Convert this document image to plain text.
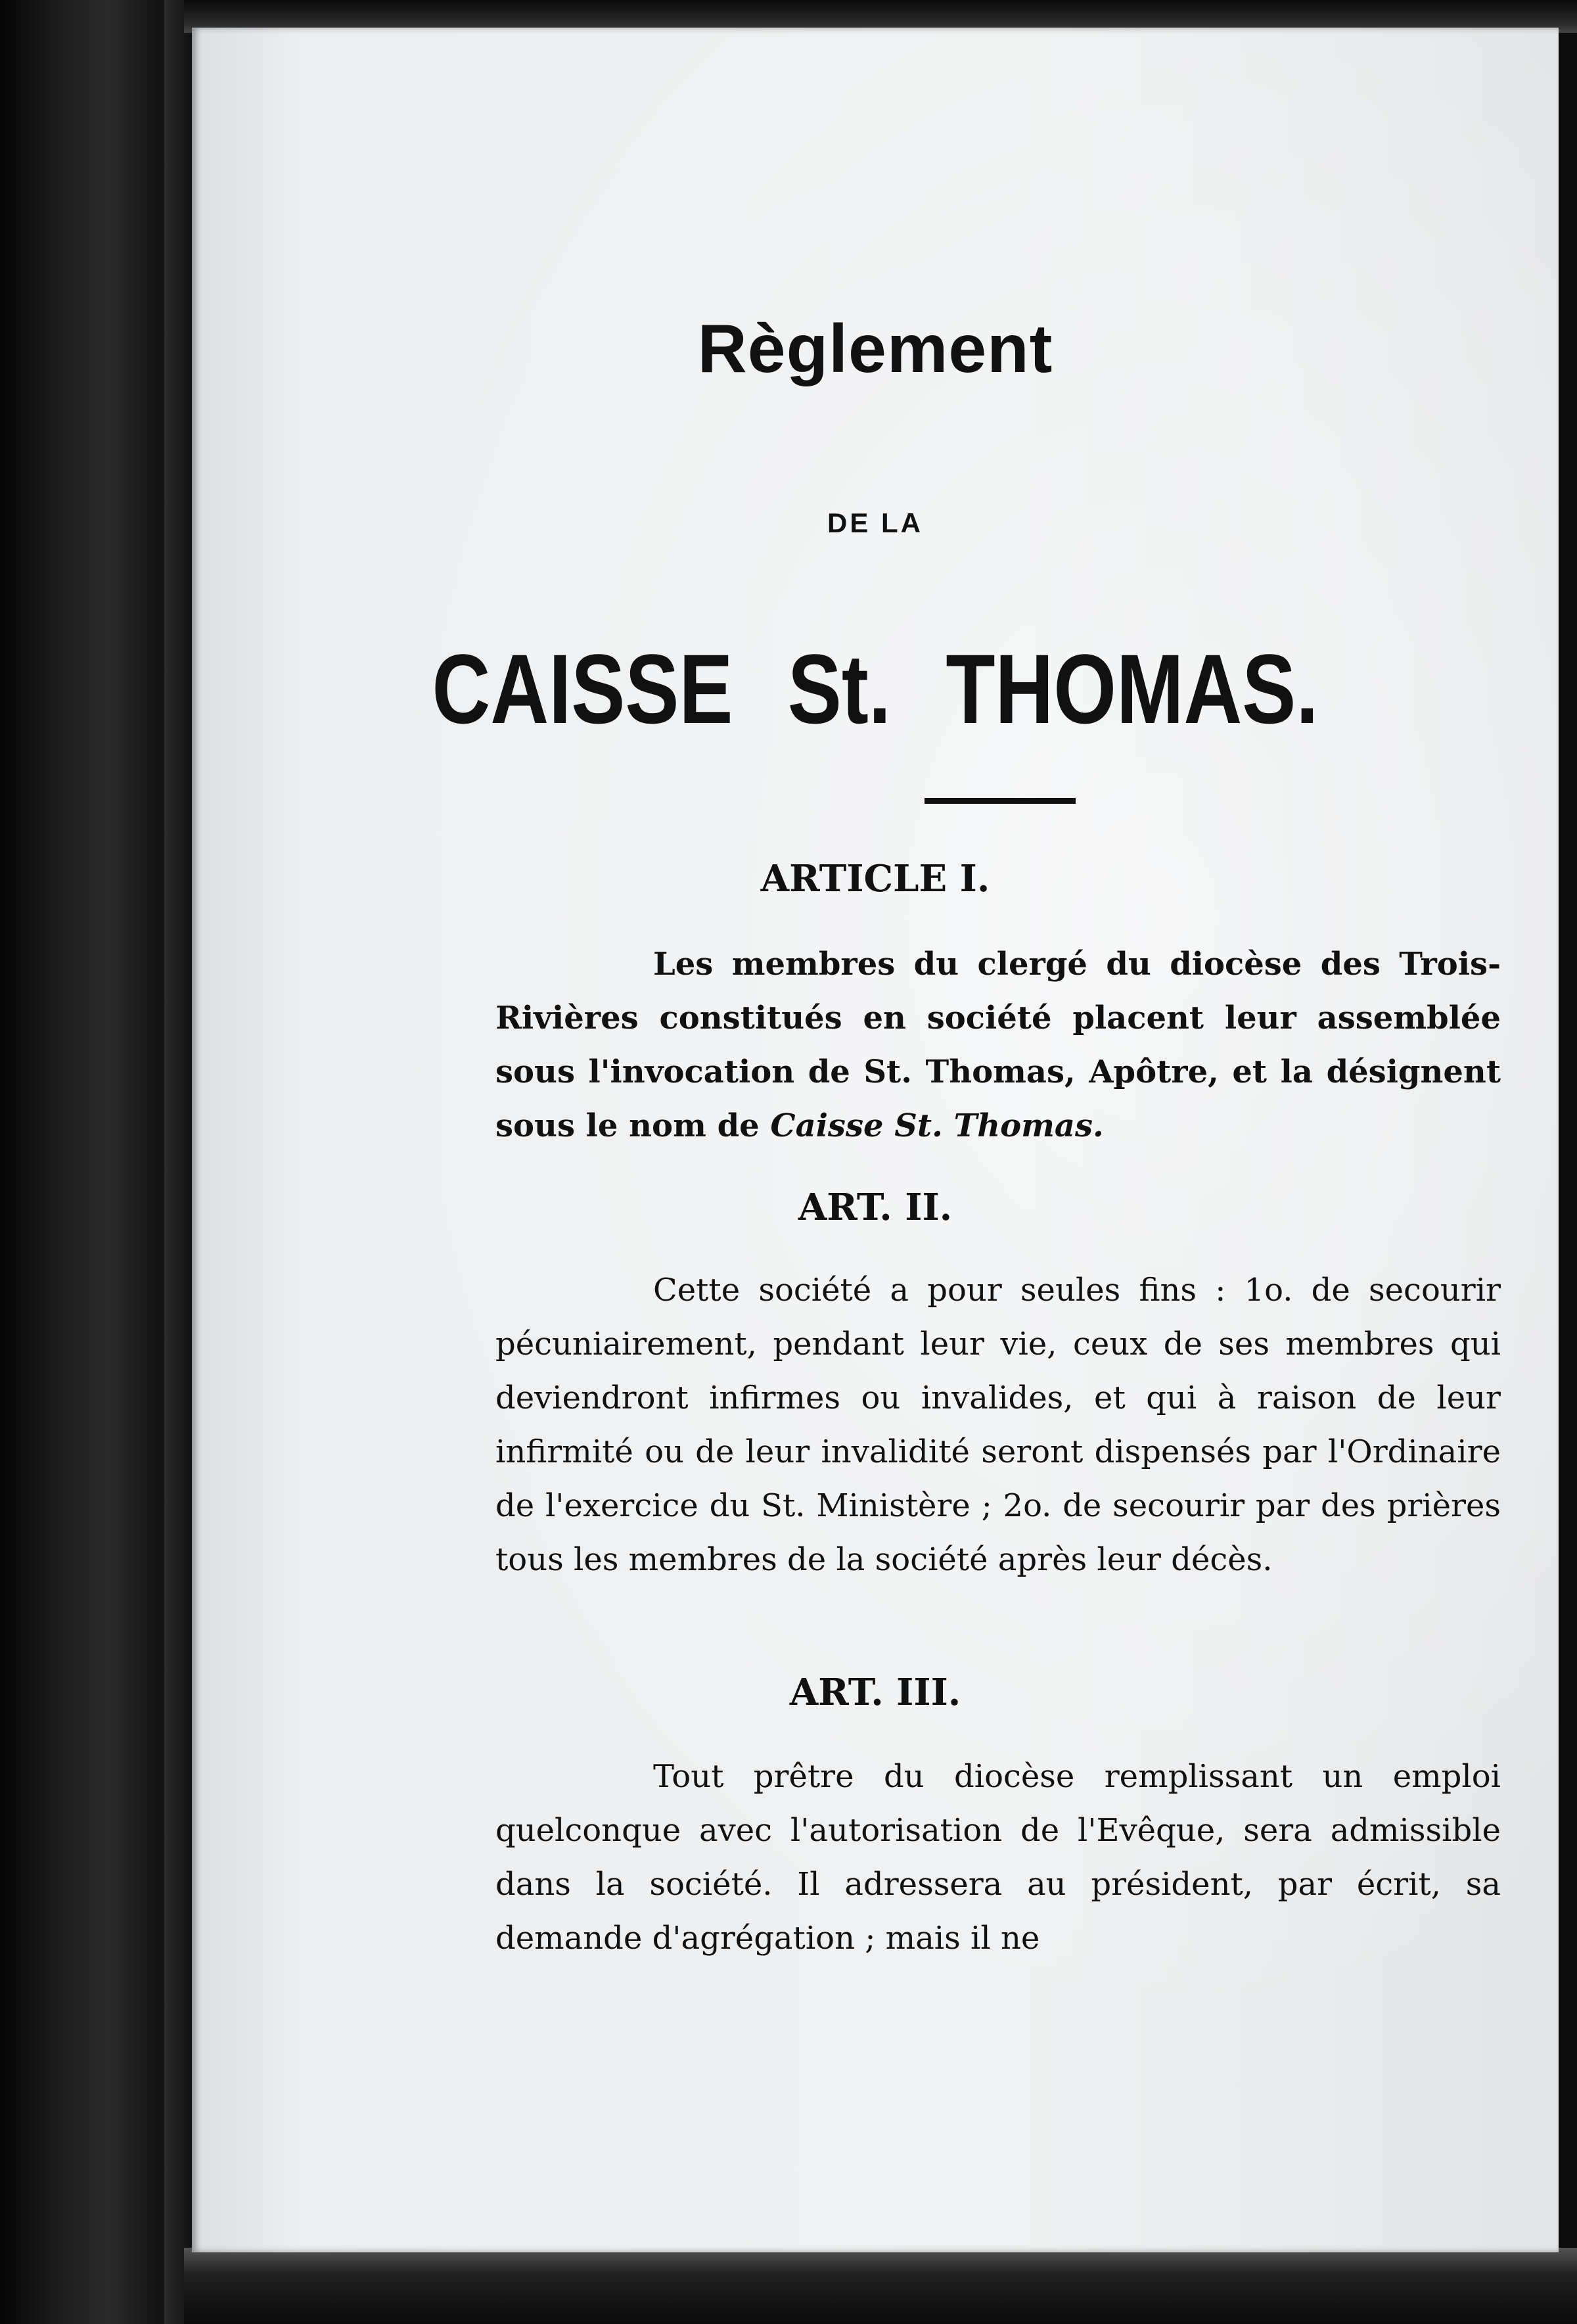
Règlement
DE LA
CAISSE St. THOMAS.
ARTICLE I.

Les membres du clergé du diocèse des Trois-Rivières constitués en société placent leur assemblée sous l'invocation de St. Thomas, Apôtre, et la désignent sous le nom de Caisse St. Thomas.

ART. II.

Cette société a pour seules fins : 1o. de secourir pécuniairement, pendant leur vie, ceux de ses membres qui deviendront infirmes ou invalides, et qui à raison de leur infirmité ou de leur invalidité seront dispensés par l'Ordinaire de l'exercice du St. Ministère ; 2o. de secourir par des prières tous les membres de la société après leur décès.

ART. III.

Tout prêtre du diocèse remplissant un emploi quelconque avec l'autorisation de l'Evêque, sera admissible dans la société. Il adressera au président, par écrit, sa demande d'agrégation ; mais il ne
